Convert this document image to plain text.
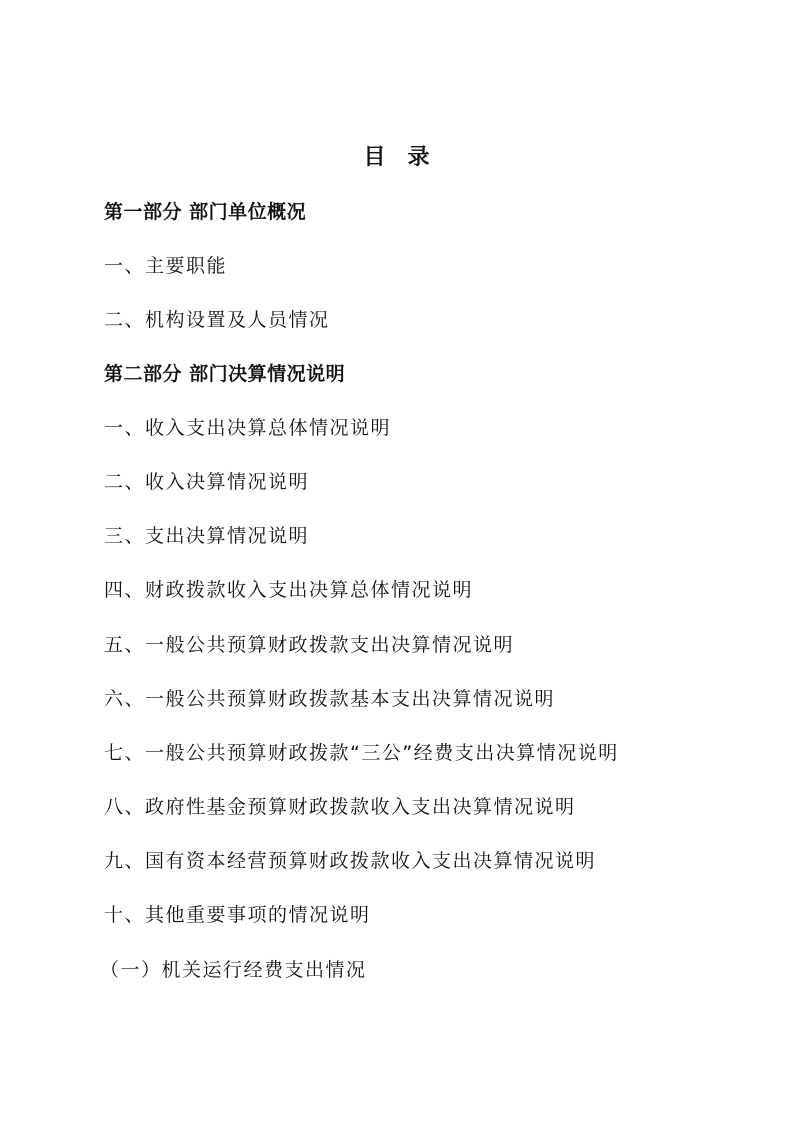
目 录
第一部分 部门单位概况
一、主要职能
二、机构设置及人员情况
第二部分 部门决算情况说明
一、收入支出决算总体情况说明
二、收入决算情况说明
三、支出决算情况说明
四、财政拨款收入支出决算总体情况说明
五、一般公共预算财政拨款支出决算情况说明
六、一般公共预算财政拨款基本支出决算情况说明
七、一般公共预算财政拨款“三公”经费支出决算情况说明
八、政府性基金预算财政拨款收入支出决算情况说明
九、国有资本经营预算财政拨款收入支出决算情况说明
十、其他重要事项的情况说明
（一）机关运行经费支出情况
